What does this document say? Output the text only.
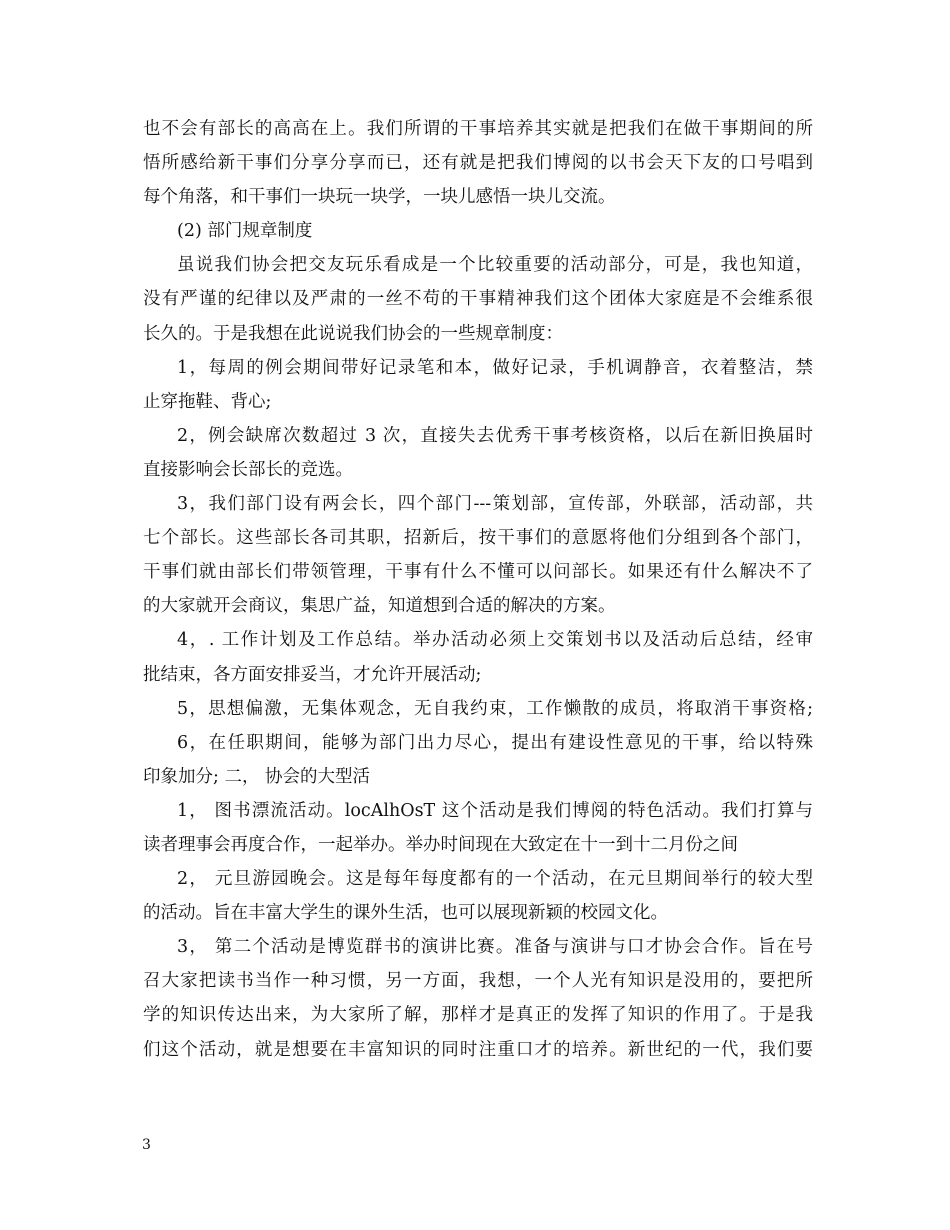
也不会有部长的高高在上。我们所谓的干事培养其实就是把我们在做干事期间的所
悟所感给新干事们分享分享而已，还有就是把我们博阅的以书会天下友的口号唱到
每个角落，和干事们一块玩一块学，一块儿感悟一块儿交流。
(2) 部门规章制度
虽说我们协会把交友玩乐看成是一个比较重要的活动部分，可是，我也知道，
没有严谨的纪律以及严肃的一丝不苟的干事精神我们这个团体大家庭是不会维系很
长久的。于是我想在此说说我们协会的一些规章制度：
1，每周的例会期间带好记录笔和本，做好记录，手机调静音，衣着整洁，禁
止穿拖鞋、背心;
2，例会缺席次数超过 3 次，直接失去优秀干事考核资格，以后在新旧换届时
直接影响会长部长的竞选。
3，我们部门设有两会长，四个部门---策划部，宣传部，外联部，活动部，共
七个部长。这些部长各司其职，招新后，按干事们的意愿将他们分组到各个部门，
干事们就由部长们带领管理，干事有什么不懂可以问部长。如果还有什么解决不了
的大家就开会商议，集思广益，知道想到合适的解决的方案。
4，. 工作计划及工作总结。举办活动必须上交策划书以及活动后总结，经审
批结束，各方面安排妥当，才允许开展活动;
5，思想偏激，无集体观念，无自我约束，工作懒散的成员，将取消干事资格;
6，在任职期间，能够为部门出力尽心，提出有建设性意见的干事，给以特殊
印象加分; 二， 协会的大型活
1， 图书漂流活动。locAlhOsT 这个活动是我们博阅的特色活动。我们打算与
读者理事会再度合作，一起举办。举办时间现在大致定在十一到十二月份之间
2， 元旦游园晚会。这是每年每度都有的一个活动，在元旦期间举行的较大型
的活动。旨在丰富大学生的课外生活，也可以展现新颖的校园文化。
3， 第二个活动是博览群书的演讲比赛。准备与演讲与口才协会合作。旨在号
召大家把读书当作一种习惯，另一方面，我想，一个人光有知识是没用的，要把所
学的知识传达出来，为大家所了解，那样才是真正的发挥了知识的作用了。于是我
们这个活动，就是想要在丰富知识的同时注重口才的培养。新世纪的一代，我们要
3
